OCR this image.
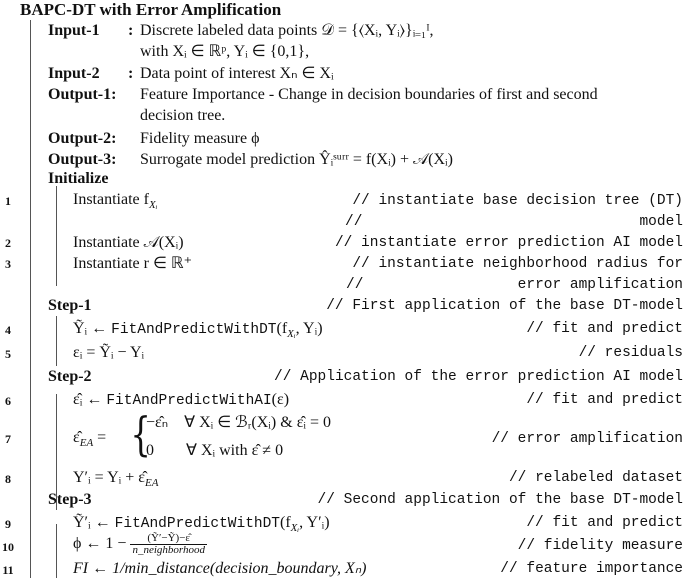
BAPC-DT with Error Amplification
Input-1 : Discrete labeled data points 𝒟 = {⟨Xᵢ, Yᵢ⟩}ᵢ₌₁ᴵ,
with Xᵢ ∈ ℝᵖ, Yᵢ ∈ {0,1},
Input-2 : Data point of interest Xₙ ∈ Xᵢ
Output-1: Feature Importance - Change in decision boundaries of first and second
decision tree.
Output-2: Fidelity measure ϕ
Output-3: Surrogate model prediction Ŷᵢˢᵘʳʳ = f(Xᵢ) + 𝒜(Xᵢ)
Initialize
1	Instantiate $f_{Xᵢ}$	// instantiate base decision tree (DT)
//	model
2	Instantiate 𝒜(Xᵢ)	// instantiate error prediction AI model
3	Instantiate r ∈ ℝ⁺	// instantiate neighborhood radius for
//	error amplification
Step-1	// First application of the base DT-model
4	Ỹᵢ ← $FitAndPredictWithDT(f_{Xᵢ}$, Yᵢ)	// fit and predict
5	εᵢ = Ỹᵢ − Yᵢ	// residuals
Step-2	// Application of the error prediction AI model
6	ε̂ᵢ ← FitAndPredictWithAI(ε)	// fit and predict
7	$\varepsilon̂_{EA}$ = {
−ε̂ₙ    ∀ Xᵢ ∈ ℬᵣ(Xᵢ) & ε̂ᵢ = 0
0        ∀ Xᵢ with ε̂ ≠ 0
// error amplification
8	Y′ᵢ = Yᵢ + $\varepsilon̂_{EA}$	// relabeled dataset
Step-3	// Second application of the base DT-model
9	Ỹ′ᵢ ← $FitAndPredictWithDT(f_{Xᵢ}$, Y′ᵢ)	// fit and predict
10	ϕ ← $1 - \frac{\text{(Ỹ′−Ỹ)−ε̂}}{\text{n\_neighborhood}}$	// fidelity measure
11	FI ← 1/min_distance(decision_boundary, Xₙ)	// feature importance
